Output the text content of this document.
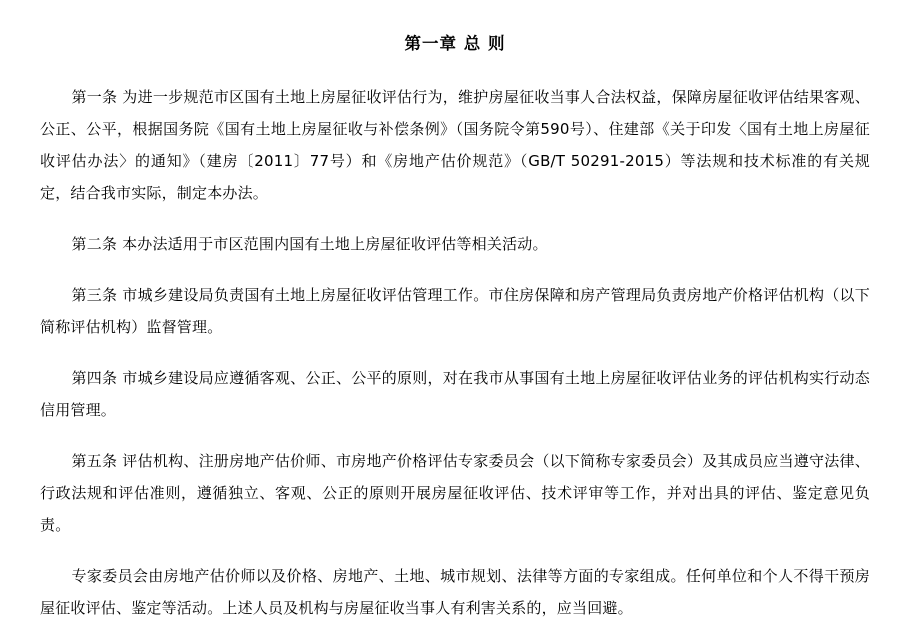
第一章 总 则

第一条 为进一步规范市区国有土地上房屋征收评估行为，维护房屋征收当事人合法权益，保障房屋征收评估结果客观、公正、公平，根据国务院《国有土地上房屋征收与补偿条例》（国务院令第590号）、住建部《关于印发〈国有土地上房屋征收评估办法〉的通知》（建房〔2011〕77号）和《房地产估价规范》（GB/T 50291-2015）等法规和技术标准的有关规定，结合我市实际，制定本办法。

第二条 本办法适用于市区范围内国有土地上房屋征收评估等相关活动。

第三条 市城乡建设局负责国有土地上房屋征收评估管理工作。市住房保障和房产管理局负责房地产价格评估机构（以下简称评估机构）监督管理。

第四条 市城乡建设局应遵循客观、公正、公平的原则，对在我市从事国有土地上房屋征收评估业务的评估机构实行动态信用管理。

第五条 评估机构、注册房地产估价师、市房地产价格评估专家委员会（以下简称专家委员会）及其成员应当遵守法律、行政法规和评估准则，遵循独立、客观、公正的原则开展房屋征收评估、技术评审等工作，并对出具的评估、鉴定意见负责。

专家委员会由房地产估价师以及价格、房地产、土地、城市规划、法律等方面的专家组成。任何单位和个人不得干预房屋征收评估、鉴定等活动。上述人员及机构与房屋征收当事人有利害关系的，应当回避。
